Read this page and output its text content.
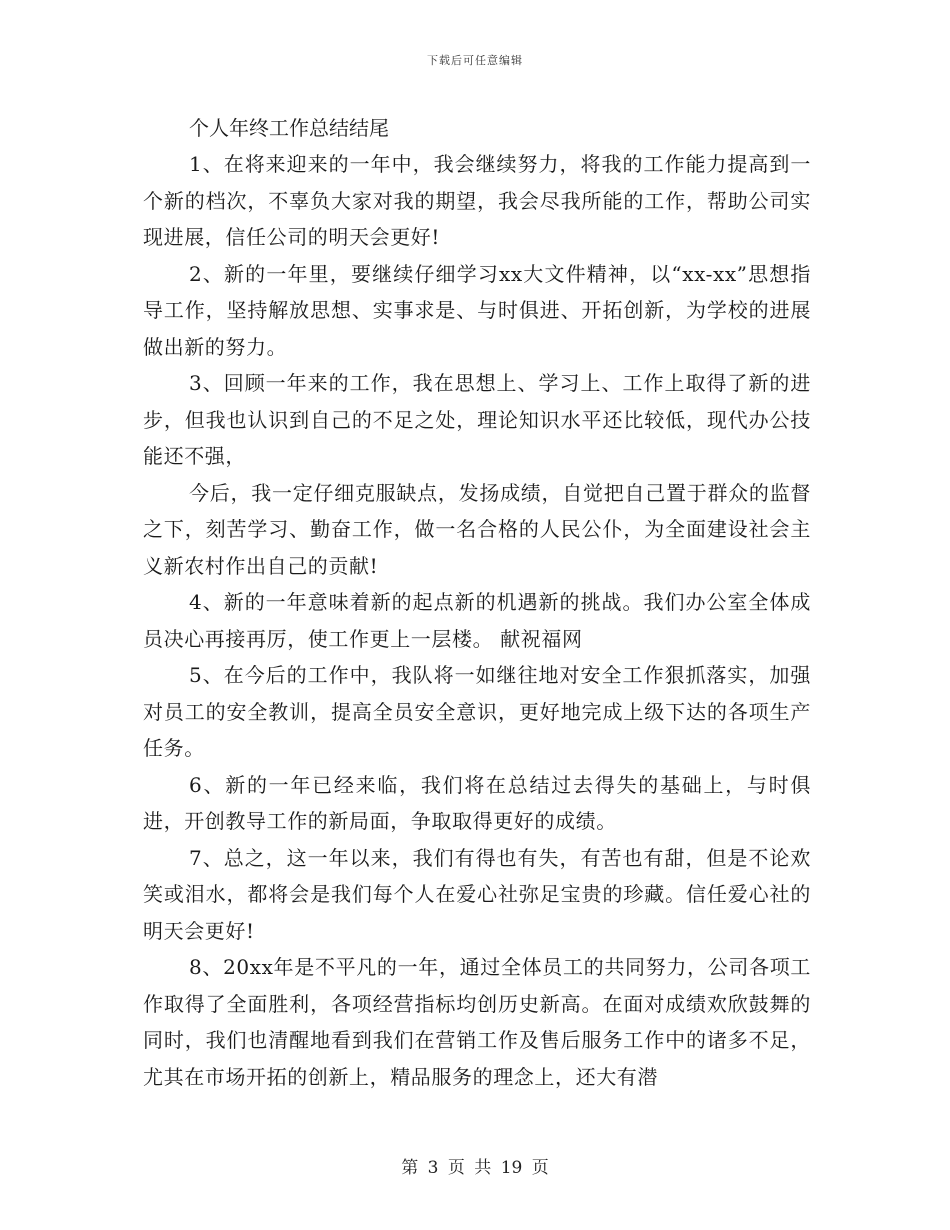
下载后可任意编辑

个人年终工作总结结尾

1、在将来迎来的一年中，我会继续努力，将我的工作能力提高到一个新的档次，不辜负大家对我的期望，我会尽我所能的工作，帮助公司实现进展，信任公司的明天会更好!

2、新的一年里，要继续仔细学习xx大文件精神，以“xx-xx”思想指导工作，坚持解放思想、实事求是、与时俱进、开拓创新，为学校的进展做出新的努力。

3、回顾一年来的工作，我在思想上、学习上、工作上取得了新的进步，但我也认识到自己的不足之处，理论知识水平还比较低，现代办公技能还不强，

今后，我一定仔细克服缺点，发扬成绩，自觉把自己置于群众的监督之下，刻苦学习、勤奋工作，做一名合格的人民公仆，为全面建设社会主义新农村作出自己的贡献!

4、新的一年意味着新的起点新的机遇新的挑战。我们办公室全体成员决心再接再厉，使工作更上一层楼。 献祝福网

5、在今后的工作中，我队将一如继往地对安全工作狠抓落实，加强对员工的安全教训，提高全员安全意识，更好地完成上级下达的各项生产任务。

6、新的一年已经来临，我们将在总结过去得失的基础上，与时俱进，开创教导工作的新局面，争取取得更好的成绩。

7、总之，这一年以来，我们有得也有失，有苦也有甜，但是不论欢笑或泪水，都将会是我们每个人在爱心社弥足宝贵的珍藏。信任爱心社的明天会更好!

8、20xx年是不平凡的一年，通过全体员工的共同努力，公司各项工作取得了全面胜利，各项经营指标均创历史新高。在面对成绩欢欣鼓舞的同时，我们也清醒地看到我们在营销工作及售后服务工作中的诸多不足，尤其在市场开拓的创新上，精品服务的理念上，还大有潜

第 3 页 共 19 页
